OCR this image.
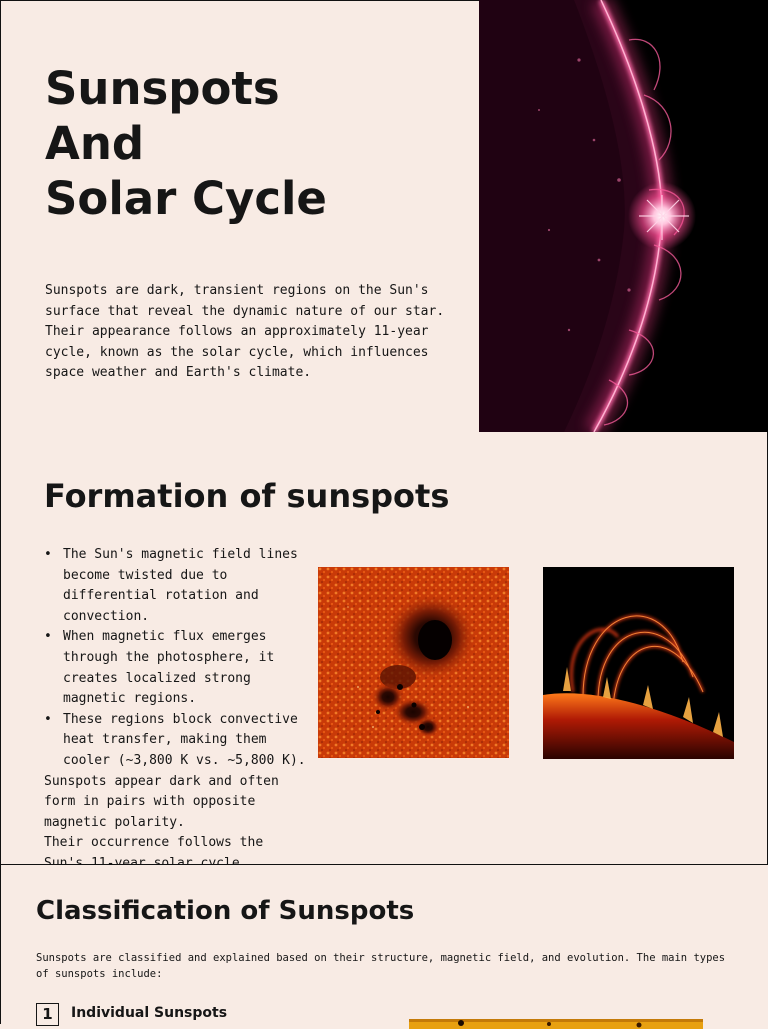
Sunspots
And
Solar Cycle

Sunspots are dark, transient regions on the Sun's surface that reveal the dynamic nature of our star. Their appearance follows an approximately 11-year cycle, known as the solar cycle, which influences space weather and Earth's climate.

Formation of sunspots
• The Sun's magnetic field lines become twisted due to differential rotation and convection.
• When magnetic flux emerges through the photosphere, it creates localized strong magnetic regions.
• These regions block convective heat transfer, making them cooler (~3,800 K vs. ~5,800 K).

Sunspots appear dark and often form in pairs with opposite magnetic polarity.

Their occurrence follows the

Classification of Sunspots

Sunspots are classified and explained based on their structure, magnetic field, and evolution. The main types of sunspots include:

1	Individual Sunspots
